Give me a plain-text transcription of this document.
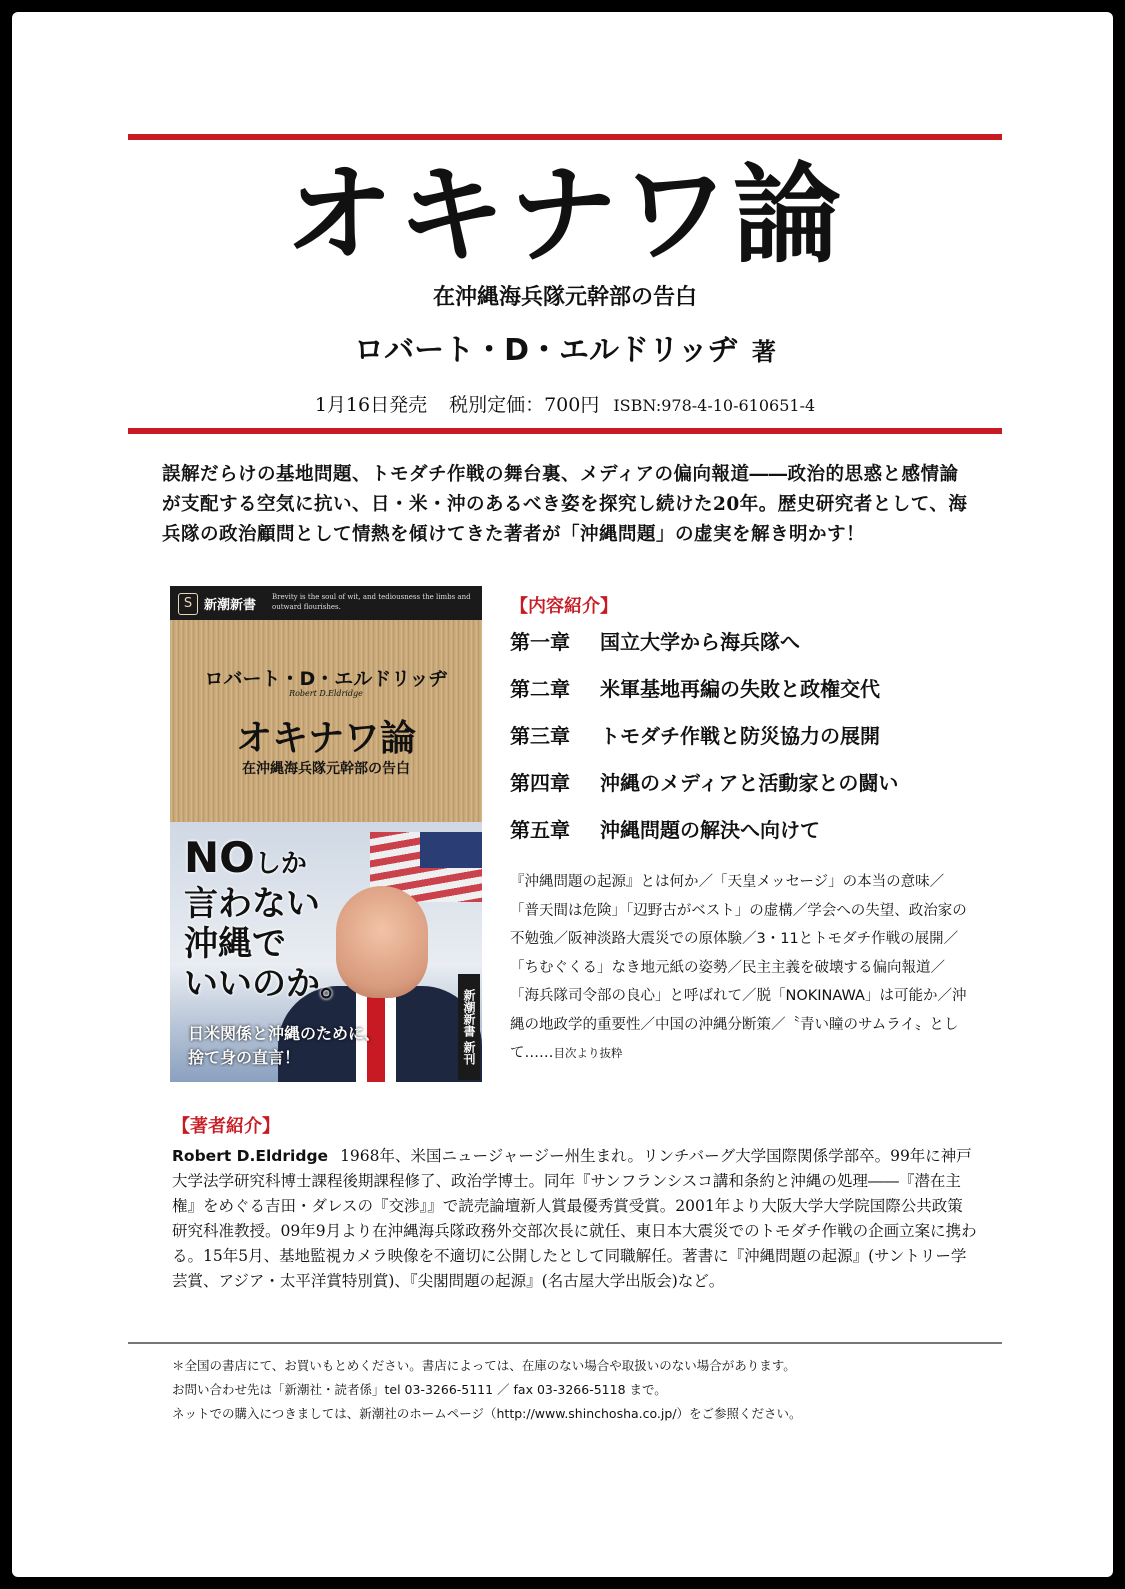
オキナワ論
在沖縄海兵隊元幹部の告白
ロバート・D・エルドリッヂ 著
1月16日発売 税別定価：700円 ISBN:978-4-10-610651-4
誤解だらけの基地問題、トモダチ作戦の舞台裏、メディアの偏向報道――政治的思惑と感情論が支配する空気に抗い、日・米・沖のあるべき姿を探究し続けた20年。歴史研究者として、海兵隊の政治顧問として情熱を傾けてきた著者が「沖縄問題」の虚実を解き明かす！
S 新潮新書
Brevity is the soul of wit, and tediousness the limbs and outward flourishes.
ロバート・D・エルドリッヂ
Robert D.Eldridge
オキナワ論
在沖縄海兵隊元幹部の告白
NOしか
言わない
沖縄で
いいのか。
日米関係と沖縄のために、
捨て身の直言！	新潮新書 新刊
【内容紹介】
第一章 国立大学から海兵隊へ
第二章 米軍基地再編の失敗と政権交代
第三章 トモダチ作戦と防災協力の展開
第四章 沖縄のメディアと活動家との闘い
第五章 沖縄問題の解決へ向けて
『沖縄問題の起源』とは何か／「天皇メッセージ」の本当の意味／「普天間は危険」「辺野古がベスト」の虚構／学会への失望、政治家の不勉強／阪神淡路大震災での原体験／3・11とトモダチ作戦の展開／「ちむぐくる」なき地元紙の姿勢／民主主義を破壊する偏向報道／「海兵隊司令部の良心」と呼ばれて／脱「NOKINAWA」は可能か／沖縄の地政学的重要性／中国の沖縄分断策／〝青い瞳のサムライ〟として……目次より抜粋
【著者紹介】
Robert D.Eldridge 1968年、米国ニュージャージー州生まれ。リンチバーグ大学国際関係学部卒。99年に神戸大学法学研究科博士課程後期課程修了、政治学博士。同年『サンフランシスコ講和条約と沖縄の処理――『潜在主権』をめぐる吉田・ダレスの『交渉』』で読売論壇新人賞最優秀賞受賞。2001年より大阪大学大学院国際公共政策研究科准教授。09年9月より在沖縄海兵隊政務外交部次長に就任、東日本大震災でのトモダチ作戦の企画立案に携わる。15年5月、基地監視カメラ映像を不適切に公開したとして同職解任。著書に『沖縄問題の起源』(サントリー学芸賞、アジア・太平洋賞特別賞)、『尖閣問題の起源』(名古屋大学出版会)など。
＊全国の書店にて、お買いもとめください。書店によっては、在庫のない場合や取扱いのない場合があります。
お問い合わせ先は「新潮社・読者係」tel 03-3266-5111 ／ fax 03-3266-5118 まで。
ネットでの購入につきましては、新潮社のホームページ（http://www.shinchosha.co.jp/）をご参照ください。
